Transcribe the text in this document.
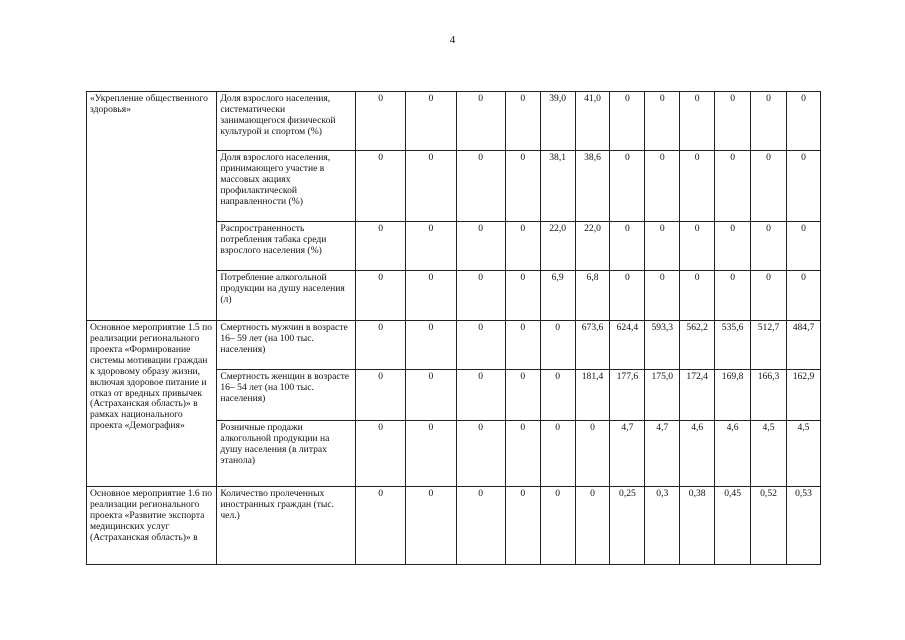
4
«Укрепление общественного здоровья»	Доля взрослого населения, систематически занимающегося физической культурой и спортом (%)	0	0	0	0	39,0	41,0	0	0	0	0	0	0
	Доля взрослого населения, принимающего участие в массовых акциях профилактической направленности (%)	0	0	0	0	38,1	38,6	0	0	0	0	0	0
	Распространенность потребления табака среди взрослого населения (%)	0	0	0	0	22,0	22,0	0	0	0	0	0	0
	Потребление алкогольной продукции на душу населения (л)	0	0	0	0	6,9	6,8	0	0	0	0	0	0
Основное мероприятие 1.5 по реализации регионального проекта «Формирование системы мотивации граждан к здоровому образу жизни, включая здоровое питание и отказ от вредных привычек (Астраханская область)» в рамках национального проекта «Демография»	Смертность мужчин в возрасте 16– 59 лет (на 100 тыс. населения)	0	0	0	0	0	673,6	624,4	593,3	562,2	535,6	512,7	484,7
	Смертность женщин в возрасте 16– 54 лет (на 100 тыс. населения)	0	0	0	0	0	181,4	177,6	175,0	172,4	169,8	166,3	162,9
	Розничные продажи алкогольной продукции на душу населения (в литрах этанола)	0	0	0	0	0	0	4,7	4,7	4,6	4,6	4,5	4,5
Основное мероприятие 1.6 по реализации регионального проекта «Развитие экспорта медицинских услуг (Астраханская область)» в	Количество пролеченных иностранных граждан (тыс. чел.)	0	0	0	0	0	0	0,25	0,3	0,38	0,45	0,52	0,53
